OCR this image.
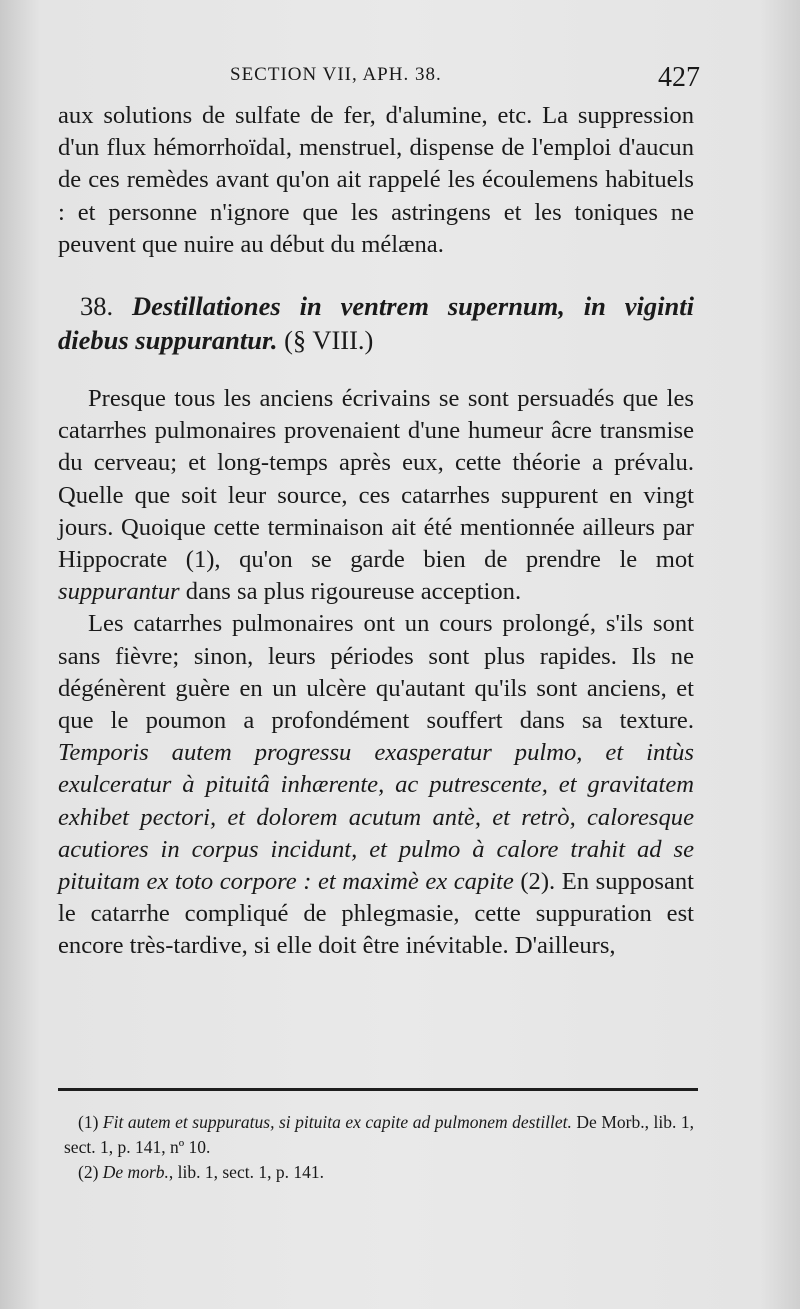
SECTION VII, APH. 38.	427

aux solutions de sulfate de fer, d'alumine, etc. La suppression d'un flux hémorrhoïdal, menstruel, dispense de l'emploi d'aucun de ces remèdes avant qu'on ait rappelé les écoulemens habituels : et personne n'ignore que les astringens et les toniques ne peuvent que nuire au début du mélæna.

38. Destillationes in ventrem supernum, in viginti diebus suppurantur. (§ VIII.)

Presque tous les anciens écrivains se sont persuadés que les catarrhes pulmonaires provenaient d'une humeur âcre transmise du cerveau; et long-temps après eux, cette théorie a prévalu. Quelle que soit leur source, ces catarrhes suppurent en vingt jours. Quoique cette terminaison ait été mentionnée ailleurs par Hippocrate (1), qu'on se garde bien de prendre le mot suppurantur dans sa plus rigoureuse acception.

Les catarrhes pulmonaires ont un cours prolongé, s'ils sont sans fièvre; sinon, leurs périodes sont plus rapides. Ils ne dégénèrent guère en un ulcère qu'autant qu'ils sont anciens, et que le poumon a profondément souffert dans sa texture. Temporis autem progressu exasperatur pulmo, et intùs exulceratur à pituitâ inhærente, ac putrescente, et gravitatem exhibet pectori, et dolorem acutum antè, et retrò, caloresque acutiores in corpus incidunt, et pulmo à calore trahit ad se pituitam ex toto corpore : et maximè ex capite (2). En supposant le catarrhe compliqué de phlegmasie, cette suppuration est encore très-tardive, si elle doit être inévitable. D'ailleurs,

(1) Fit autem et suppuratus, si pituita ex capite ad pulmonem destillet. De Morb., lib. 1, sect. 1, p. 141, nº 10.

(2) De morb., lib. 1, sect. 1, p. 141.
